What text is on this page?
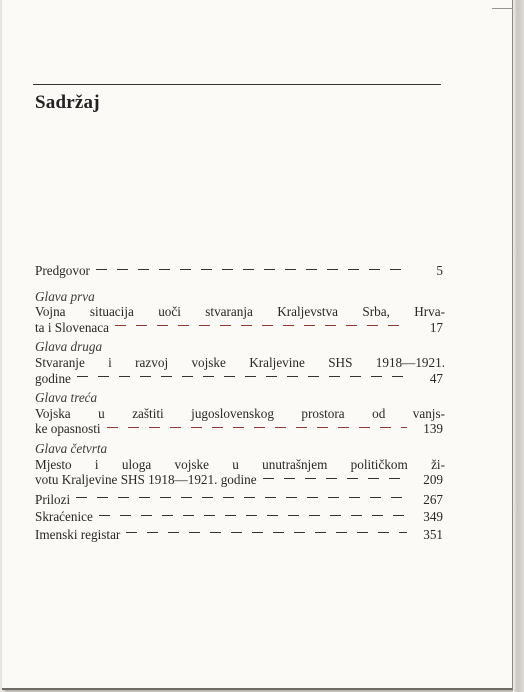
Sadržaj
Predgovor	5
Glava prva
Vojna situacija uoči stvaranja Kraljevstva Srba, Hrva-
ta i Slovenaca	17
Glava druga
Stvaranje i razvoj vojske Kraljevine SHS 1918—1921.
godine	47
Glava treća
Vojska u zaštiti jugoslovenskog prostora od vanjs-
ke opasnosti	139
Glava četvrta
Mjesto i uloga vojske u unutrašnjem političkom ži-
votu Kraljevine SHS 1918—1921. godine	209
Prilozi	267
Skraćenice	349
Imenski registar	351
